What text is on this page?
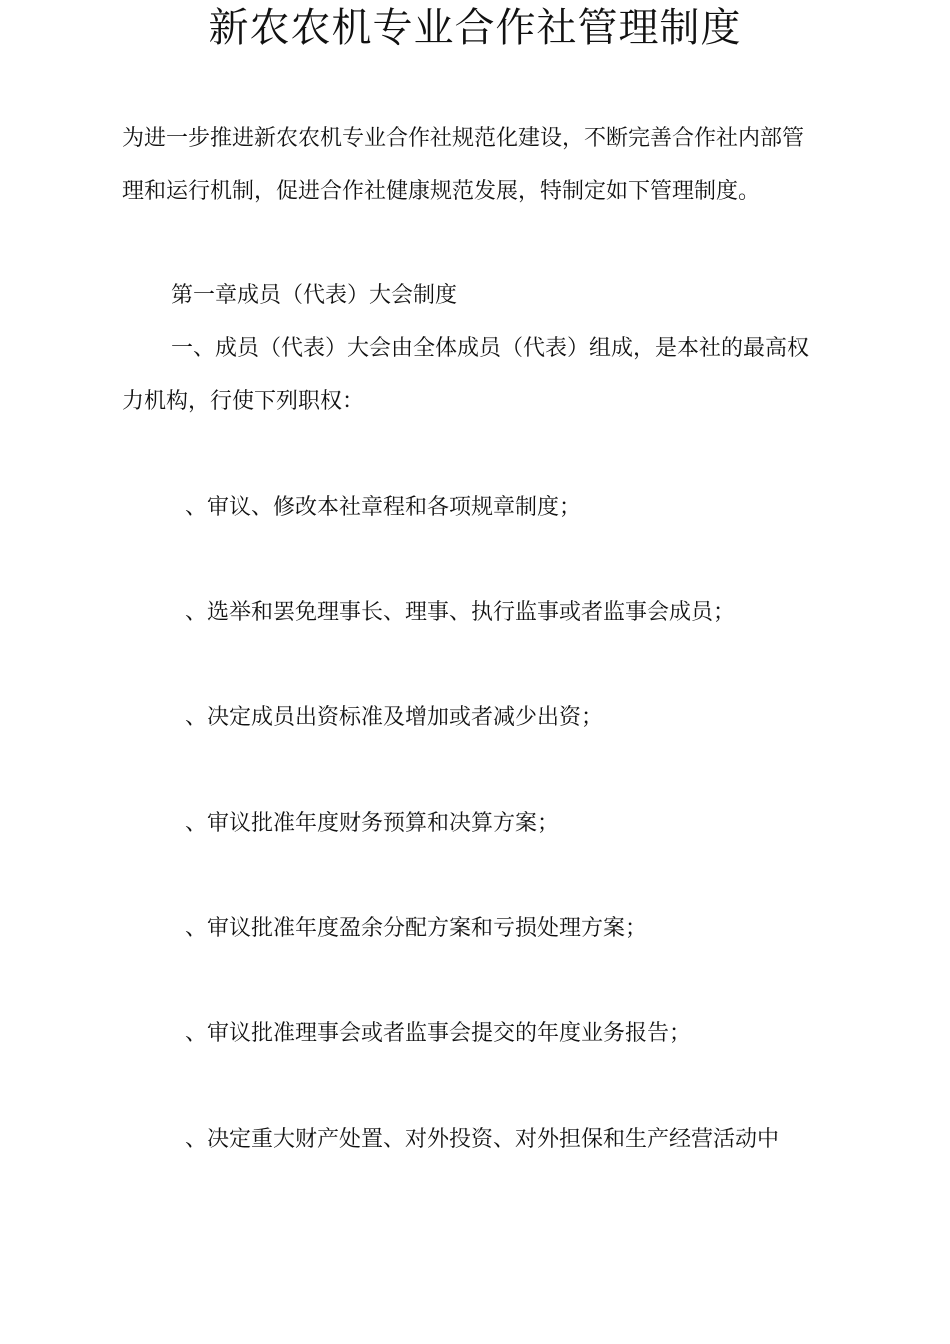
新农农机专业合作社管理制度
为进一步推进新农农机专业合作社规范化建设，不断完善合作社内部管理和运行机制，促进合作社健康规范发展，特制定如下管理制度。
第一章成员（代表）大会制度
一、成员（代表）大会由全体成员（代表）组成，是本社的最高权力机构，行使下列职权：
、审议、修改本社章程和各项规章制度；
、选举和罢免理事长、理事、执行监事或者监事会成员；
、决定成员出资标准及增加或者减少出资；
、审议批准年度财务预算和决算方案；
、审议批准年度盈余分配方案和亏损处理方案；
、审议批准理事会或者监事会提交的年度业务报告；
、决定重大财产处置、对外投资、对外担保和生产经营活动中
